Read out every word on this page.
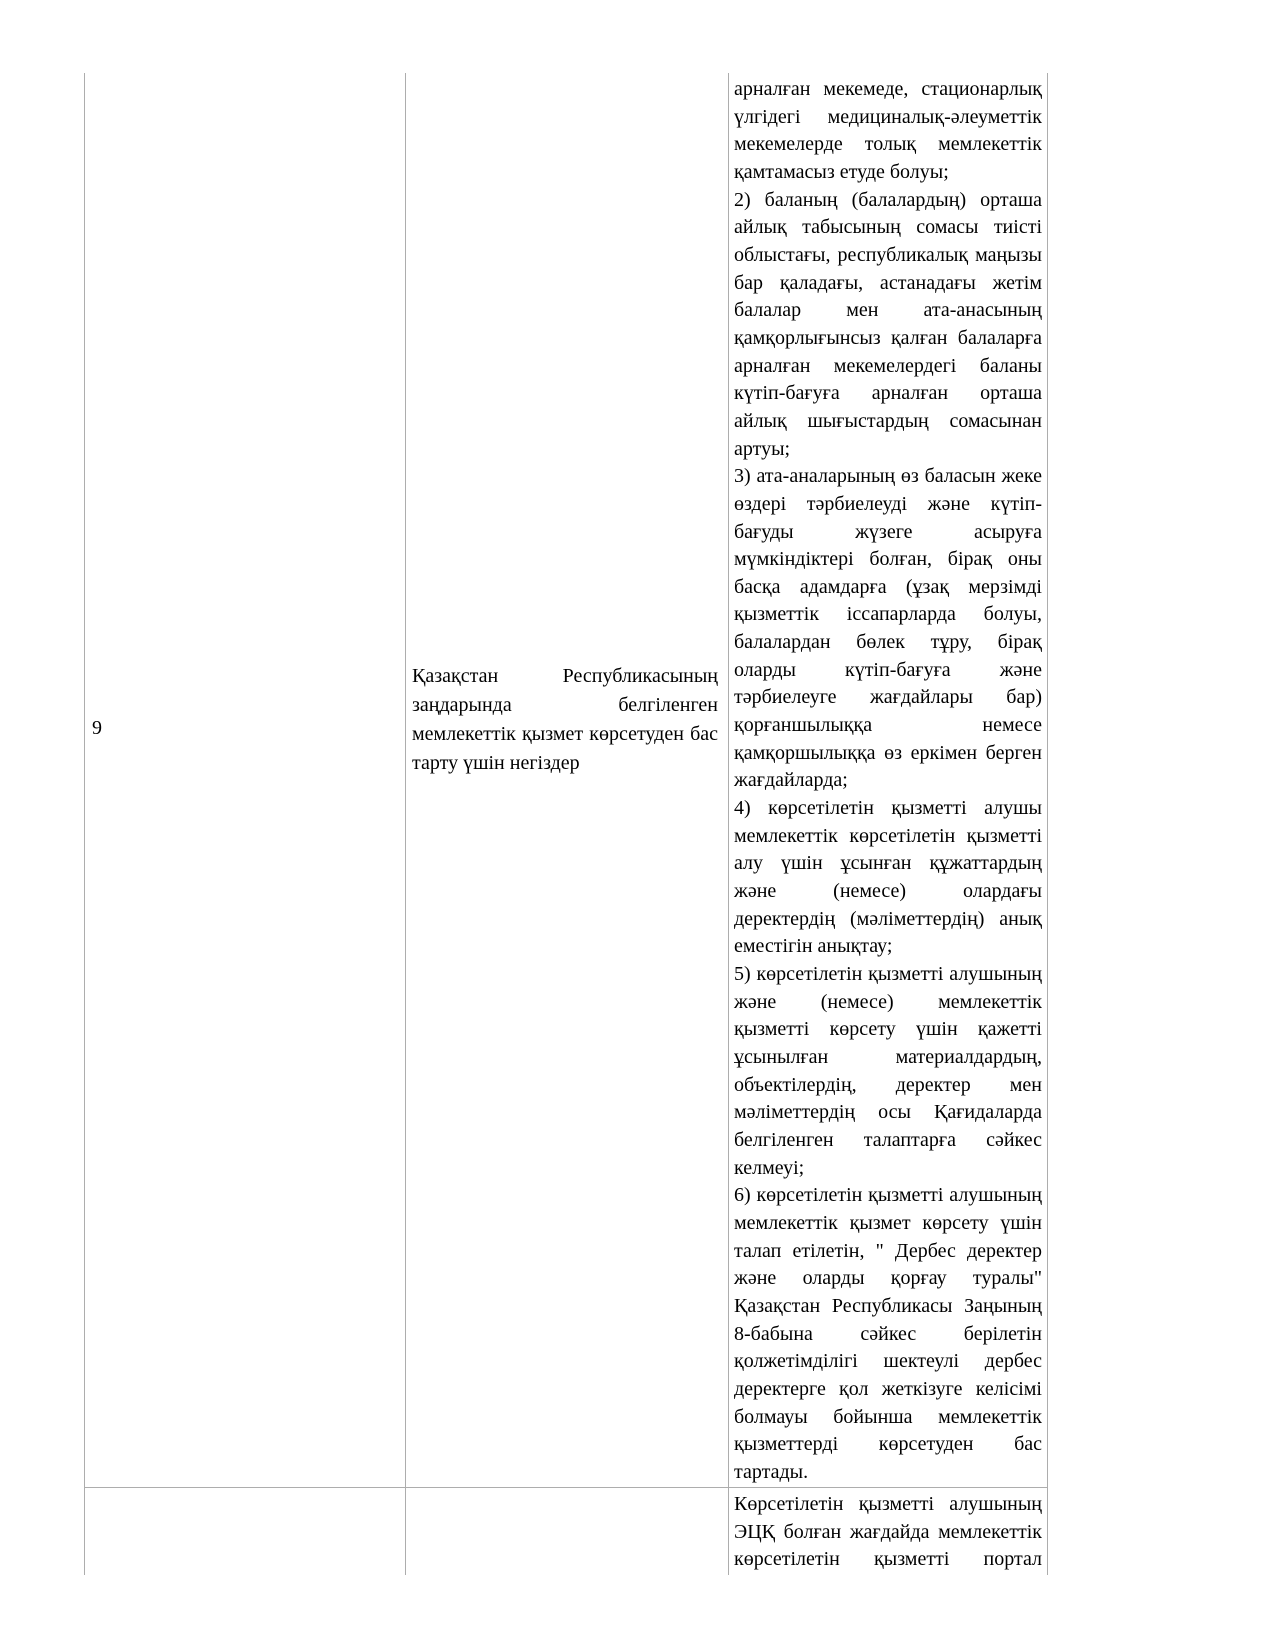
9
Қазақстан Республикасының заңдарында белгіленген мемлекеттік қызмет көрсетуден бас тарту үшін негіздер

арналған мекемеде, стационарлық үлгідегі медициналық-әлеуметтік мекемелерде толық мемлекеттік қамтамасыз етуде болуы;

2) баланың (балалардың) орташа айлық табысының сомасы тиісті облыстағы, республикалық маңызы бар қаладағы, астанадағы жетім балалар мен ата-анасының қамқорлығынсыз қалған балаларға арналған мекемелердегі баланы күтіп-бағуға арналған орташа айлық шығыстардың сомасынан артуы;

3) ата-аналарының өз баласын жеке өздері тәрбиелеуді және күтіп-бағуды жүзеге асыруға мүмкіндіктері болған, бірақ оны басқа адамдарға (ұзақ мерзімді қызметтік іссапарларда болуы, балалардан бөлек тұру, бірақ оларды күтіп-бағуға және тәрбиелеуге жағдайлары бар) қорғаншылыққа немесе қамқоршылыққа өз еркімен берген жағдайларда;

4) көрсетілетін қызметті алушы мемлекеттік көрсетілетін қызметті алу үшін ұсынған құжаттардың және (немесе) олардағы деректердің (мәліметтердің) анық еместігін анықтау;

5) көрсетілетін қызметті алушының және (немесе) мемлекеттік қызметті көрсету үшін қажетті ұсынылған материалдардың, объектілердің, деректер мен мәліметтердің осы Қағидаларда белгіленген талаптарға сәйкес келмеуі;

6) көрсетілетін қызметті алушының мемлекеттік қызмет көрсету үшін талап етілетін, " Дербес деректер және оларды қорғау туралы" Қазақстан Республикасы Заңының 8-бабына сәйкес берілетін қолжетімділігі шектеулі дербес деректерге қол жеткізуге келісімі болмауы бойынша мемлекеттік қызметтерді көрсетуден бас тартады.

Көрсетілетін қызметті алушының ЭЦҚ болған жағдайда мемлекеттік көрсетілетін қызметті портал
